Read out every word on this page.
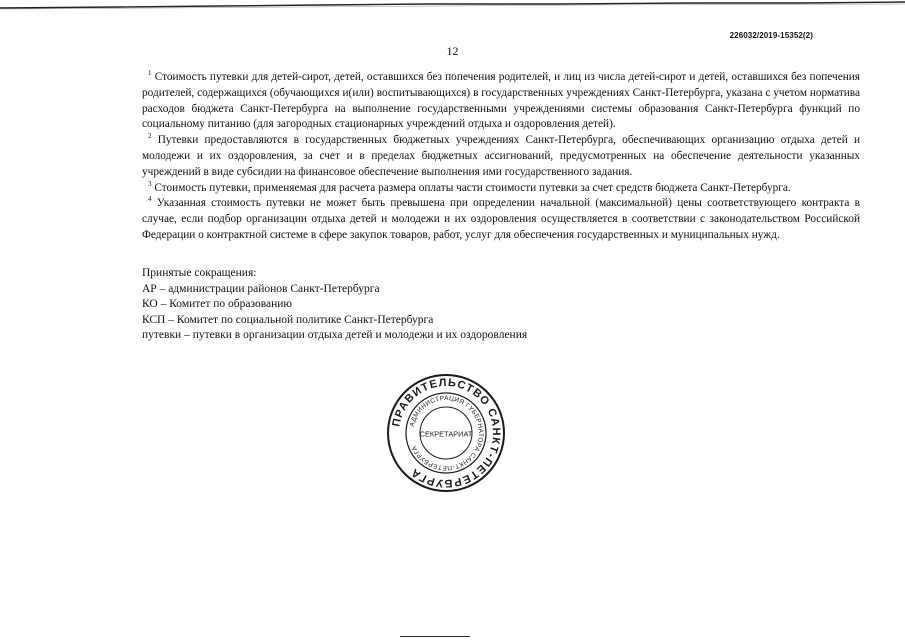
226032/2019-15352(2)
12

$^1$ Стоимость путевки для детей-сирот, детей, оставшихся без попечения родителей, и лиц из числа детей-сирот и детей, оставшихся без попечения родителей, содержащихся (обучающихся и(или) воспитывающихся) в государственных учреждениях Санкт-Петербурга, указана с учетом норматива расходов бюджета Санкт-Петербурга на выполнение государственными учреждениями системы образования Санкт-Петербурга функций по социальному питанию (для загородных стационарных учреждений отдыха и оздоровления детей).

$^2$ Путевки предоставляются в государственных бюджетных учреждениях Санкт-Петербурга, обеспечивающих организацию отдыха детей и молодежи и их оздоровления, за счет и в пределах бюджетных ассигнований, предусмотренных на обеспечение деятельности указанных учреждений в виде субсидии на финансовое обеспечение выполнения ими государственного задания.

$^3$ Стоимость путевки, применяемая для расчета размера оплаты части стоимости путевки за счет средств бюджета Санкт-Петербурга.

$^4$ Указанная стоимость путевки не может быть превышена при определении начальной (максимальной) цены соответствующего контракта в случае, если подбор организации отдыха детей и молодежи и их оздоровления осуществляется в соответствии с законодательством Российской Федерации о контрактной системе в сфере закупок товаров, работ, услуг для обеспечения государственных и муниципальных нужд.

Принятые сокращения:
АР – администрации районов Санкт-Петербурга
КО – Комитет по образованию
КСП – Комитет по социальной политике Санкт-Петербурга
путевки – путевки в организации отдыха детей и молодежи и их оздоровления
ПРАВИТЕЛЬСТВО САНКТ-ПЕТЕРБУРГА
АДМИНИСТРАЦИЯ ГУБЕРНАТОРА САНКТ-ПЕТЕРБУРГА
СЕКРЕТАРИАТ
